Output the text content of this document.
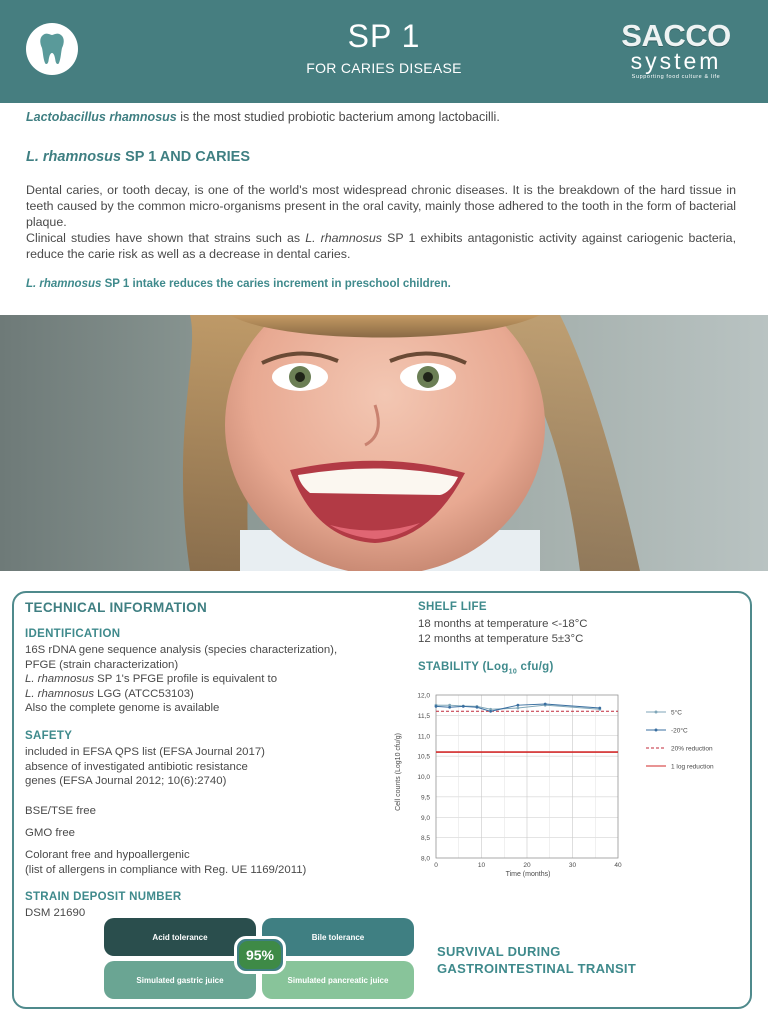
SP 1
FOR CARIES DISEASE
SACCO
system
Supporting food culture & life
Lactobacillus rhamnosus is the most studied probiotic bacterium among lactobacilli.
L. rhamnosus SP 1 AND CARIES
Dental caries, or tooth decay, is one of the world's most widespread chronic diseases. It is the breakdown of the hard tissue in teeth caused by the common micro-organisms present in the oral cavity, mainly those adhered to the tooth in the form of bacterial plaque.
Clinical studies have shown that strains such as L. rhamnosus SP 1 exhibits antagonistic activity against cariogenic bacteria, reduce the carie risk as well as a decrease in dental caries.
L. rhamnosus SP 1 intake reduces the caries increment in preschool children.
TECHNICAL INFORMATION
IDENTIFICATION
16S rDNA gene sequence analysis (species characterization),
PFGE (strain characterization)
L. rhamnosus SP 1's PFGE profile is equivalent to
L. rhamnosus LGG (ATCC53103)
Also the complete genome is available
SAFETY
included in EFSA QPS list (EFSA Journal 2017)
absence of investigated antibiotic resistance
genes (EFSA Journal 2012; 10(6):2740)
BSE/TSE free
GMO free
Colorant free and hypoallergenic
(list of allergens in compliance with Reg. UE 1169/2011)
STRAIN DEPOSIT NUMBER
DSM 21690
SHELF LIFE
18 months at temperature <-18°C
12 months at temperature 5±3°C
STABILITY (Log$_{10}$ cfu/g)
8,0
8,5
9,0
9,5
10,0
10,5
11,0
11,5
12,0
0	10	20	30	40
5°C
-20°C
20% reduction
1 log reduction
Time (months)
Cell counts (Log10 cfu/g)
Acid tolerance	Bile tolerance
Simulated gastric juice	Simulated pancreatic juice
95%	SURVIVAL DURING
GASTROINTESTINAL TRANSIT
